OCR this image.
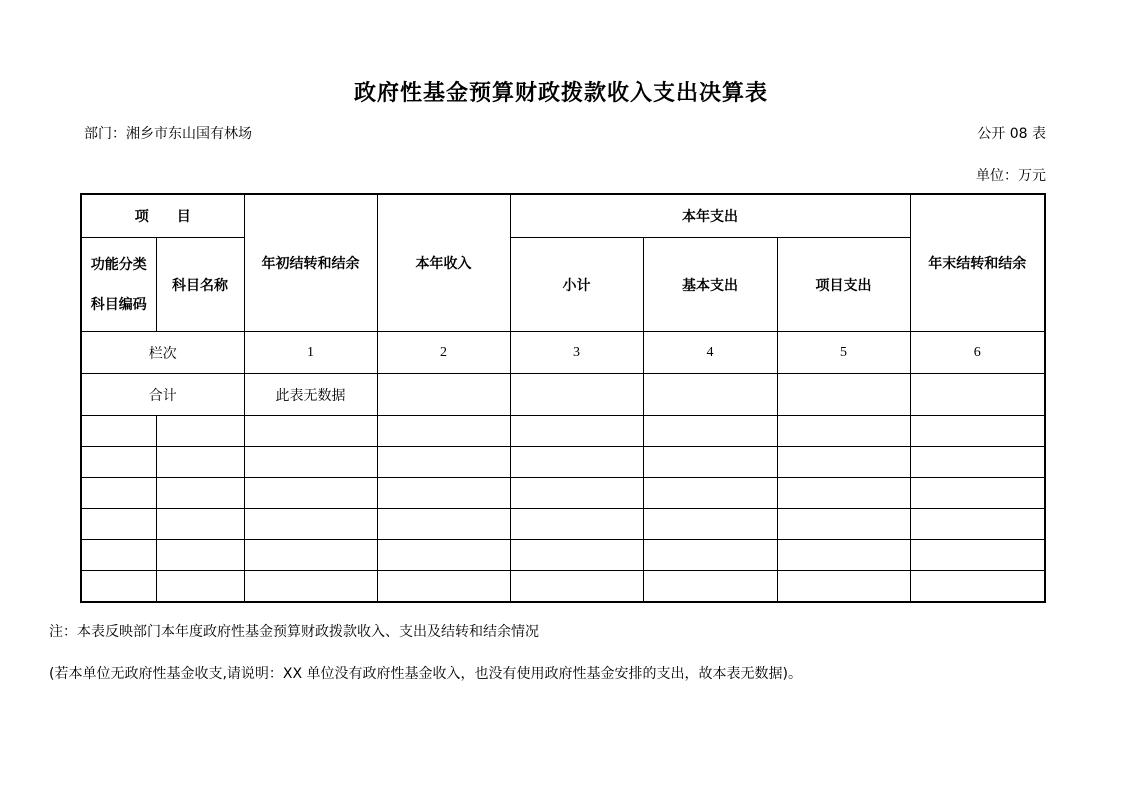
政府性基金预算财政拨款收入支出决算表
部门：湘乡市东山国有林场	公开 08 表
单位：万元
项　　目		年初结转和结余	本年收入	本年支出			年末结转和结余

功能分类
科目编码	科目名称			小计	基本支出	项目支出	
栏次		1	2	3	4	5	6
合计		此表无数据					

注：本表反映部门本年度政府性基金预算财政拨款收入、支出及结转和结余情况
(若本单位无政府性基金收支,请说明：XX 单位没有政府性基金收入，也没有使用政府性基金安排的支出，故本表无数据)。
